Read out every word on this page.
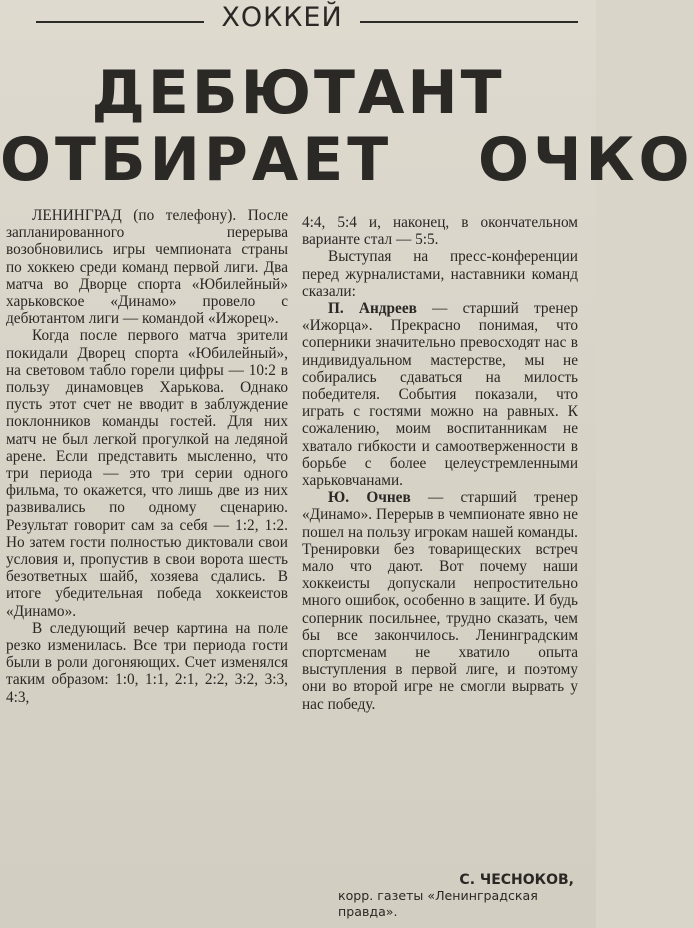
ХОККЕЙ
ДЕБЮТАНТ
ОТБИРАЕТ  ОЧКО

ЛЕНИНГРАД (по телефону). После запланированного перерыва возобновились игры чемпионата страны по хоккею среди команд первой лиги. Два матча во Дворце спорта «Юбилейный» харьковское «Динамо» провело с дебютантом лиги — командой «Ижорец».

Когда после первого матча зрители покидали Дворец спорта «Юбилейный», на световом табло горели цифры — 10:2 в пользу динамовцев Харькова. Однако пусть этот счет не вводит в заблуждение поклонников команды гостей. Для них матч не был легкой прогулкой на ледяной арене. Если представить мысленно, что три периода — это три серии одного фильма, то окажется, что лишь две из них развивались по одному сценарию. Результат говорит сам за себя — 1:2, 1:2. Но затем гости полностью диктовали свои условия и, пропустив в свои ворота шесть безответных шайб, хозяева сдались. В итоге убедительная победа хоккеистов «Динамо».

В следующий вечер картина на поле резко изменилась. Все три периода гости были в роли догоняющих. Счет изменялся таким образом: 1:0, 1:1, 2:1, 2:2, 3:2, 3:3, 4:3,

4:4, 5:4 и, наконец, в окончательном варианте стал — 5:5.

Выступая на пресс-конференции перед журналистами, наставники команд сказали:

П. Андреев — старший тренер «Ижорца». Прекрасно понимая, что соперники значительно превосходят нас в индивидуальном мастерстве, мы не собирались сдаваться на милость победителя. События показали, что играть с гостями можно на равных. К сожалению, моим воспитанникам не хватало гибкости и самоотверженности в борьбе с более целеустремленными харьковчанами.

Ю. Очнев — старший тренер «Динамо». Перерыв в чемпионате явно не пошел на пользу игрокам нашей команды. Тренировки без товарищеских встреч мало что дают. Вот почему наши хоккеисты допускали непростительно много ошибок, особенно в защите. И будь соперник посильнее, трудно сказать, чем бы все закончилось. Ленинградским спортсменам не хватило опыта выступления в первой лиге, и поэтому они во второй игре не смогли вырвать у нас победу.

С. ЧЕСНОКОВ,
корр. газеты «Ленинградская правда».
